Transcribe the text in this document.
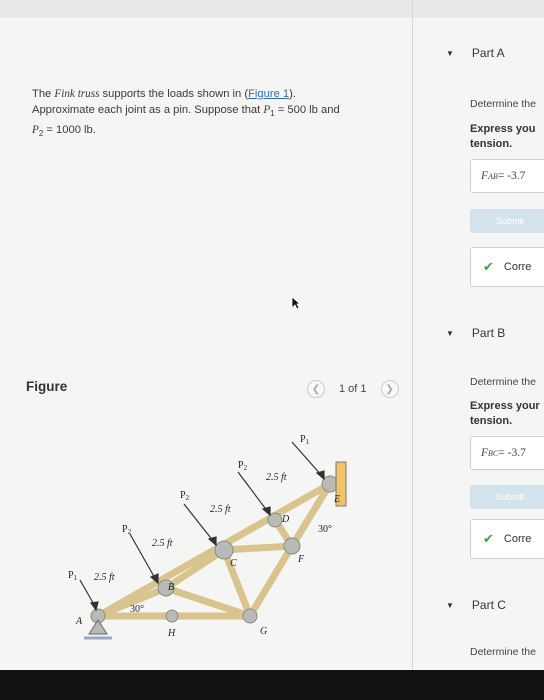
The Fink truss supports the loads shown in (Figure 1).
Approximate each joint as a pin. Suppose that $P_1 = 500$ lb and
$P_2 = 1000$ lb.
Figure	❮	1 of 1	❯
$P_1$
$P_2$
$P_2$
$P_2$
$P_1$
2.5 ft
2.5 ft
2.5 ft
2.5 ft
30°
30°
A
B
C
D
E
F
G
H
▼ Part A
Determine the
Express you
tension.
F AB = -3.7
Submit
✔ Corre
▼ Part B
Determine the
Express your
tension.
F BC = -3.7
Submit
✔ Corre
▼ Part C
Determine the
